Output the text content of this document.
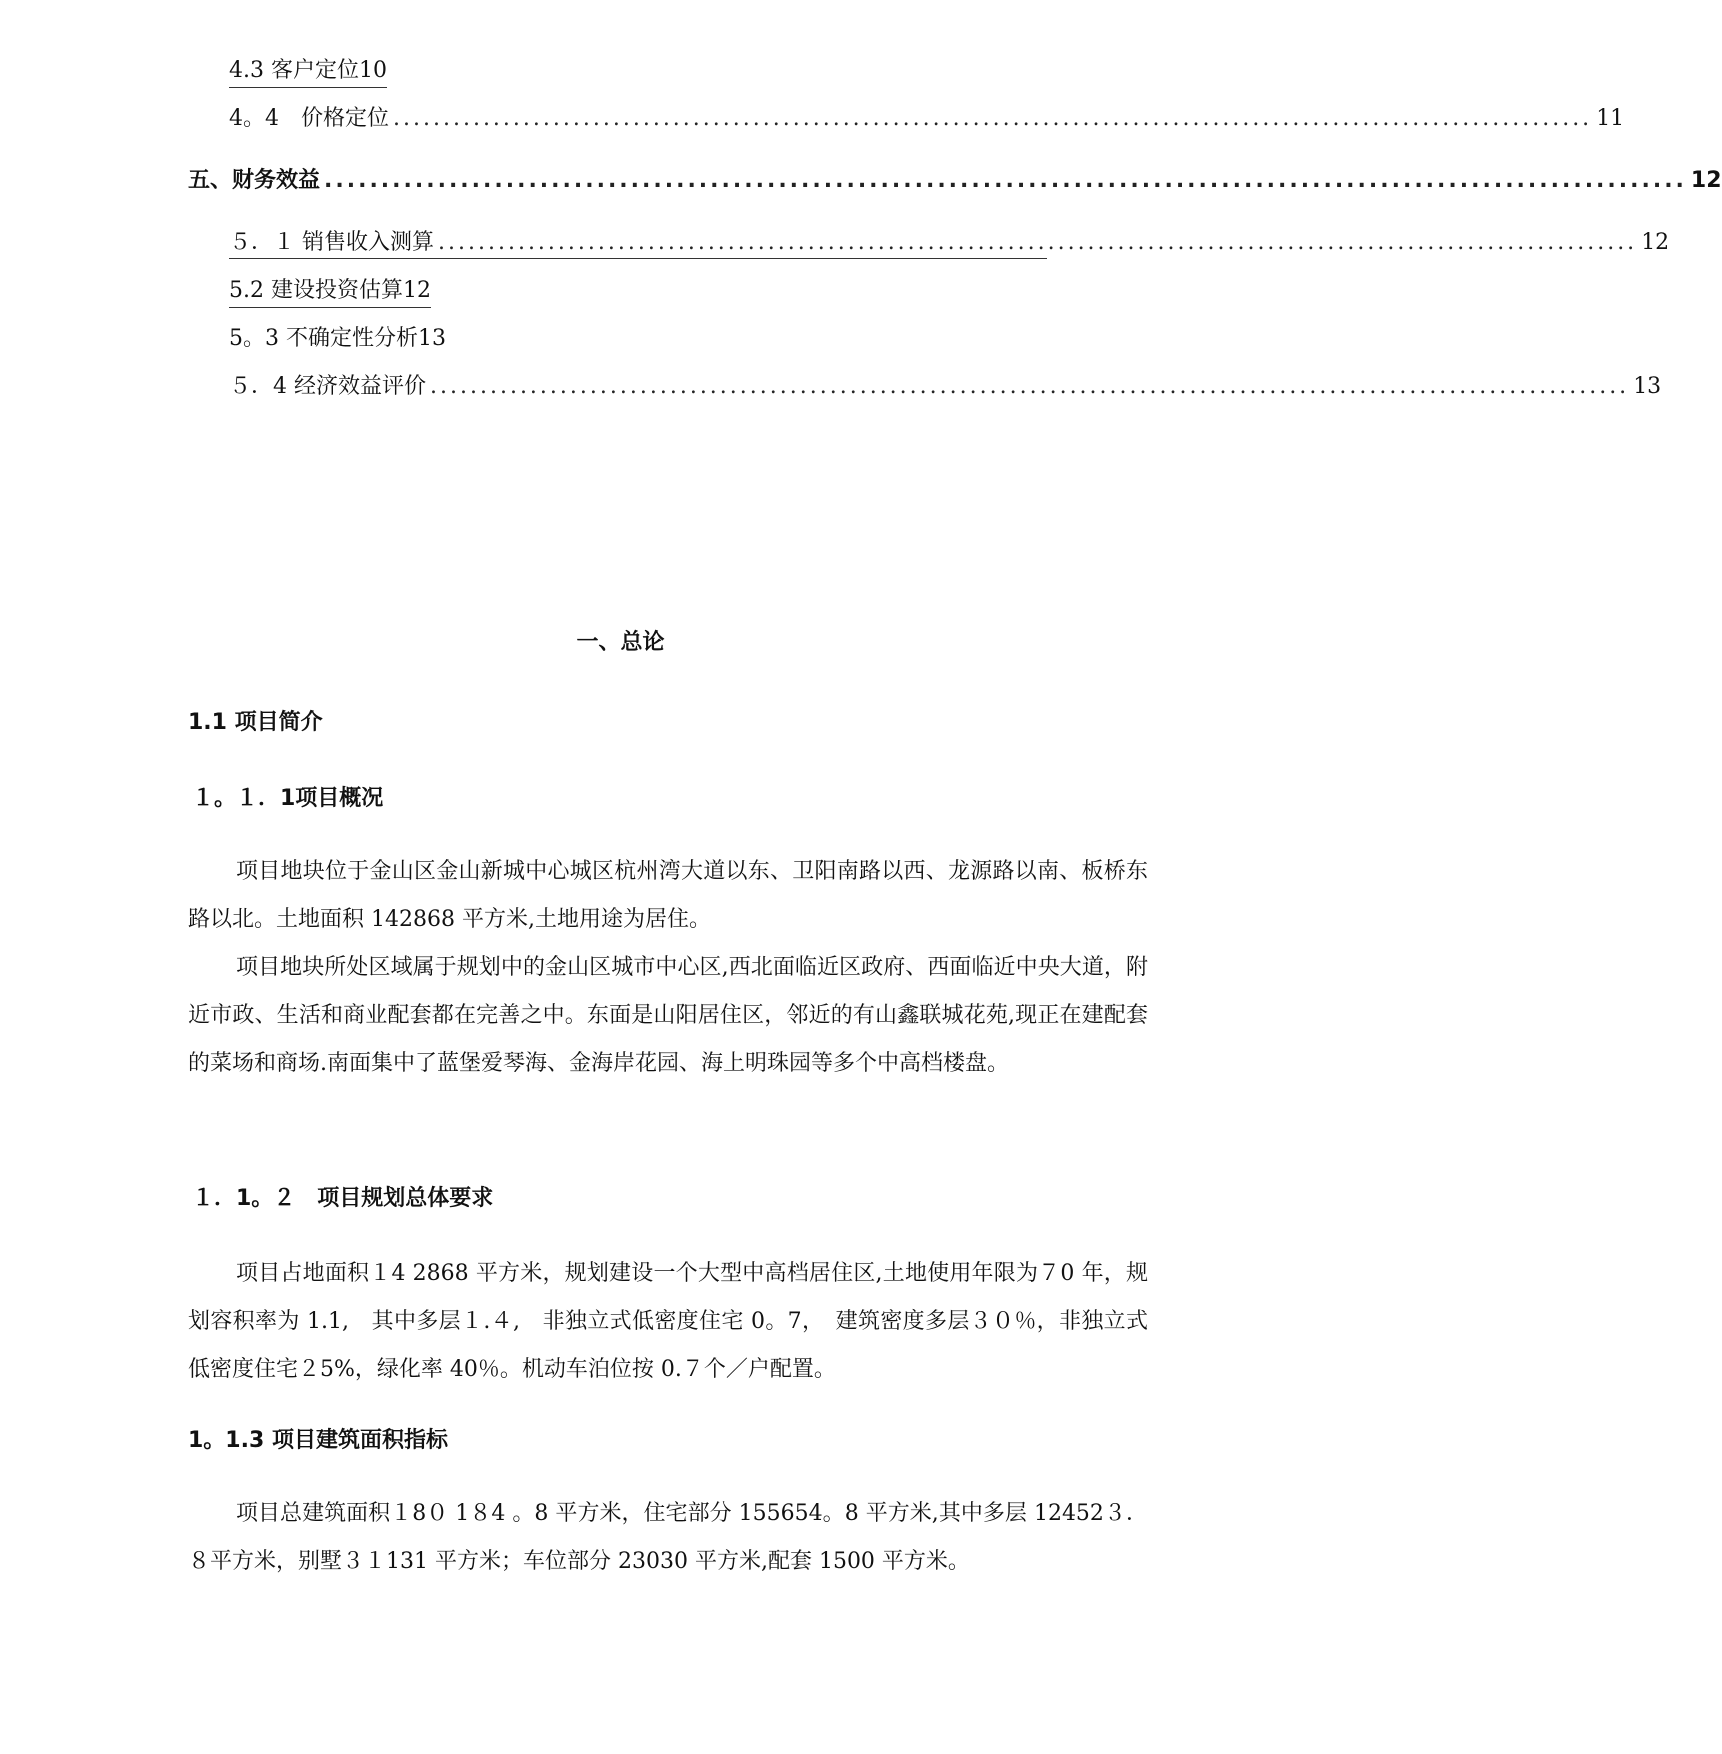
4.3 客户定位10
4。4　价格定位 ........................................................................................................................ 11
五、财务效益 ........................................................................................................................ 12
５．１ 销售收入测算 ........................................................................................................................ 12
5.2 建设投资估算12
5。3 不确定性分析13
５．4 经济效益评价 ........................................................................................................................ 13
一、总论
1.1 项目简介
１。１．1项目概况
项目地块位于金山区金山新城中心城区杭州湾大道以东、卫阳南路以西、龙源路以南、板桥东路以北。土地面积 142868 平方米,土地用途为居住。
项目地块所处区域属于规划中的金山区城市中心区,西北面临近区政府、西面临近中央大道，附近市政、生活和商业配套都在完善之中。东面是山阳居住区，邻近的有山鑫联城花苑,现正在建配套的菜场和商场.南面集中了蓝堡爱琴海、金海岸花园、海上明珠园等多个中高档楼盘。
１．1。２　项目规划总体要求
项目占地面积１4 2868 平方米，规划建设一个大型中高档居住区,土地使用年限为７0 年，规划容积率为 1.1,　其中多层１.４,　非独立式低密度住宅 0。7，　建筑密度多层３０％，非独立式低密度住宅２5%，绿化率 40％。机动车泊位按 0.７个／户配置。
1。1.3 项目建筑面积指标
项目总建筑面积１8０ 1８4 。8 平方米，住宅部分 155654。8 平方米,其中多层 12452３．８平方米，别墅３１131 平方米；车位部分 23030 平方米,配套 1500 平方米。
